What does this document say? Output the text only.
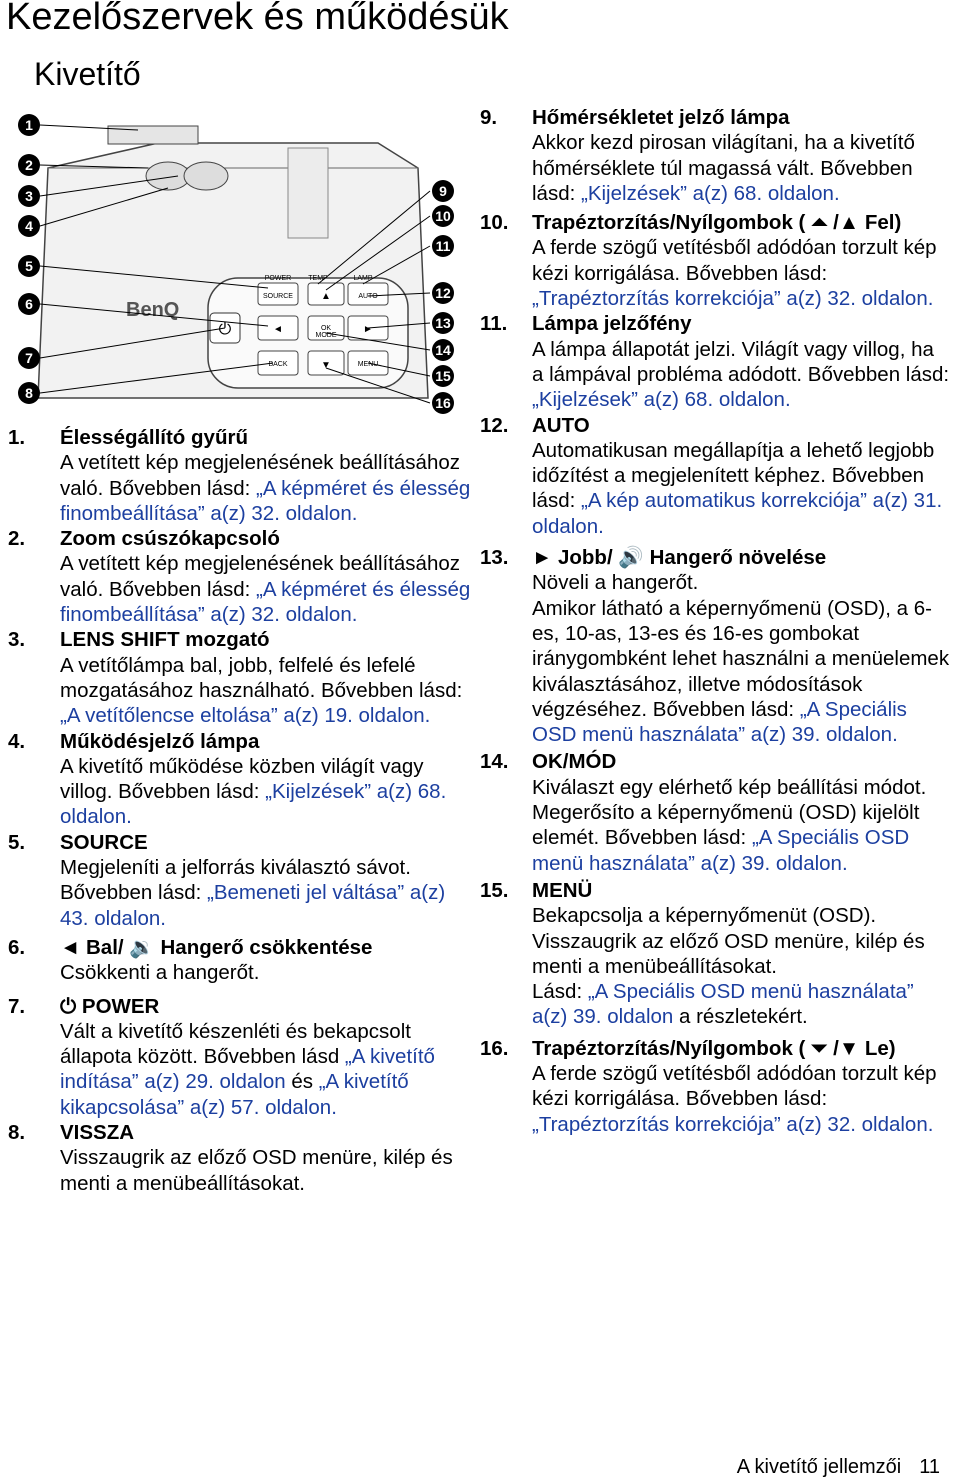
Kezelőszervek és működésük
Kivetítő
BenQ
⏻
POWER TEMP	LAMP
SOURCE	AUTO
OK
MODE
BACK	MENU
▲
▼
◄	►
1
2
3
4
5
6
7
8
9
10
11
12
13
14
15
16

1. Élességállító gyűrű
A vetített kép megjelenésének beállításához való. Bővebben lásd: „A képméret és élesség finombeállítása” a(z) 32. oldalon.

2. Zoom csúszókapcsoló
A vetített kép megjelenésének beállításához való. Bővebben lásd: „A képméret és élesség finombeállítása” a(z) 32. oldalon.

3. LENS SHIFT mozgató
A vetítőlámpa bal, jobb, felfelé és lefelé mozgatásához használható. Bővebben lásd: „A vetítőlencse eltolása” a(z) 19. oldalon.

4. Működésjelző lámpa
A kivetítő működése közben világít vagy villog. Bővebben lásd: „Kijelzések” a(z) 68. oldalon.

5. SOURCE
Megjeleníti a jelforrás kiválasztó sávot. Bővebben lásd: „Bemeneti jel váltása” a(z) 43. oldalon.

6. ◄ Bal/ 🔉 Hangerő csökkentése
Csökkenti a hangerőt.

7. ⏻ POWER
Vált a kivetítő készenléti és bekapcsolt állapota között. Bővebben lásd „A kivetítő indítása” a(z) 29. oldalon és „A kivetítő kikapcsolása” a(z) 57. oldalon.

8. VISSZA
Visszaugrik az előző OSD menüre, kilép és menti a menübeállításokat.

9. Hőmérsékletet jelző lámpa
Akkor kezd pirosan világítani, ha a kivetítő hőmérséklete túl magassá vált. Bővebben lásd: „Kijelzések” a(z) 68. oldalon.

10. Trapéztorzítás/Nyílgombok ( ⏶ /▲ Fel)
A ferde szögű vetítésből adódóan torzult kép kézi korrigálása. Bővebben lásd: „Trapéztorzítás korrekciója” a(z) 32. oldalon.

11. Lámpa jelzőfény
A lámpa állapotát jelzi. Világít vagy villog, ha a lámpával probléma adódott. Bővebben lásd: „Kijelzések” a(z) 68. oldalon.

12. AUTO
Automatikusan megállapítja a lehető legjobb időzítést a megjelenített képhez. Bővebben lásd: „A kép automatikus korrekciója” a(z) 31. oldalon.

13. ► Jobb/ 🔊 Hangerő növelése
Növeli a hangerőt.
Amikor látható a képernyőmenü (OSD), a 6-es, 10-as, 13-es és 16-es gombokat iránygombként lehet használni a menüelemek kiválasztásához, illetve módosítások végzéséhez. Bővebben lásd: „A Speciális OSD menü használata” a(z) 39. oldalon.

14. OK/MÓD
Kiválaszt egy elérhető kép beállítási módot. Megerősíto a képernyőmenü (OSD) kijelölt elemét. Bővebben lásd: „A Speciális OSD menü használata” a(z) 39. oldalon.

15. MENÜ
Bekapcsolja a képernyőmenüt (OSD). Visszaugrik az előző OSD menüre, kilép és menti a menübeállításokat.
Lásd: „A Speciális OSD menü használata” a(z) 39. oldalon a részletekért.

16. Trapéztorzítás/Nyílgombok ( ⏷ /▼ Le)
A ferde szögű vetítésből adódóan torzult kép kézi korrigálása. Bővebben lásd: „Trapéztorzítás korrekciója” a(z) 32. oldalon.

A kivetítő jellemzői 11
